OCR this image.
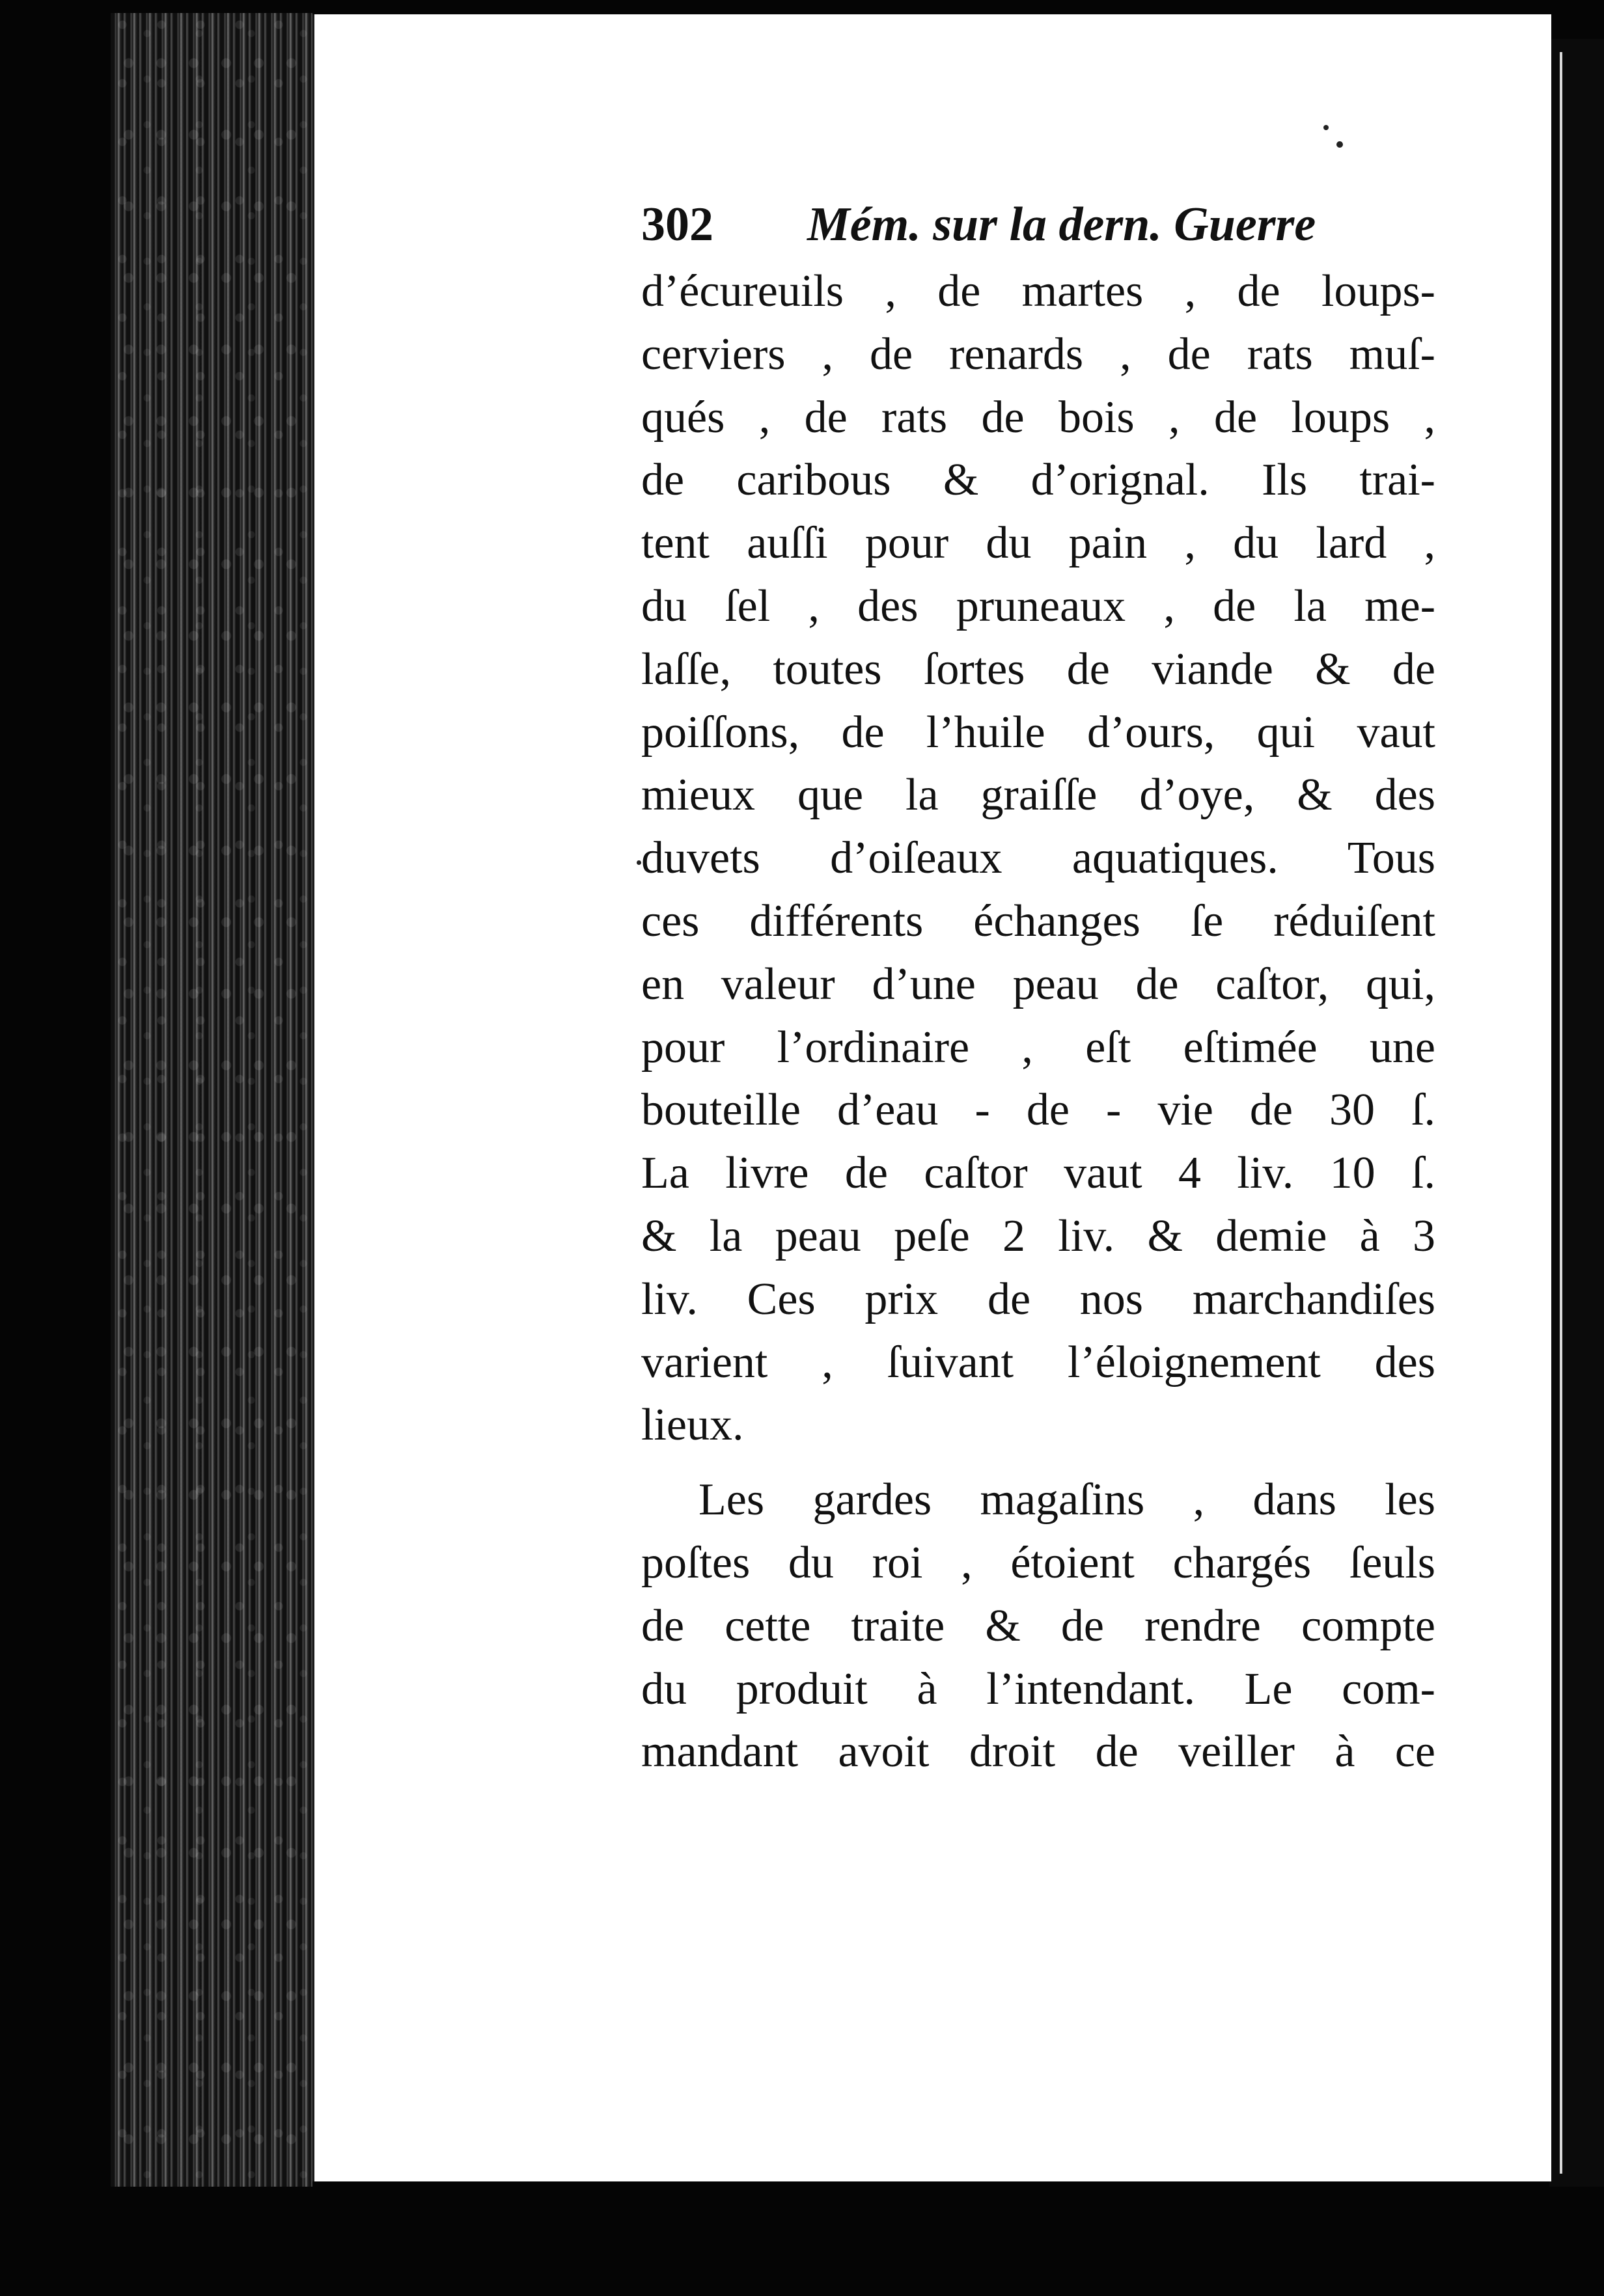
302 Mém. sur la dern. Guerre
d’écureuils , de martes , de loups-
cerviers , de renards , de rats muſ-
qués , de rats de bois , de loups ,
de caribous & d’orignal. Ils trai-
tent auſſi pour du pain , du lard ,
du ſel , des pruneaux , de la me-
laſſe, toutes ſortes de viande & de
poiſſons, de l’huile d’ours, qui vaut
mieux que la graiſſe d’oye, & des
duvets d’oiſeaux aquatiques. Tous
ces différents échanges ſe réduiſent
en valeur d’une peau de caſtor, qui,
pour l’ordinaire , eſt eſtimée une
bouteille d’eau - de - vie de 30 ſ.
La livre de caſtor vaut 4 liv. 10 ſ.
& la peau peſe 2 liv. & demie à 3
liv. Ces prix de nos marchandiſes
varient , ſuivant l’éloignement des
lieux.
Les gardes magaſins , dans les
poſtes du roi , étoient chargés ſeuls
de cette traite & de rendre compte
du produit à l’intendant. Le com-
mandant avoit droit de veiller à ce
